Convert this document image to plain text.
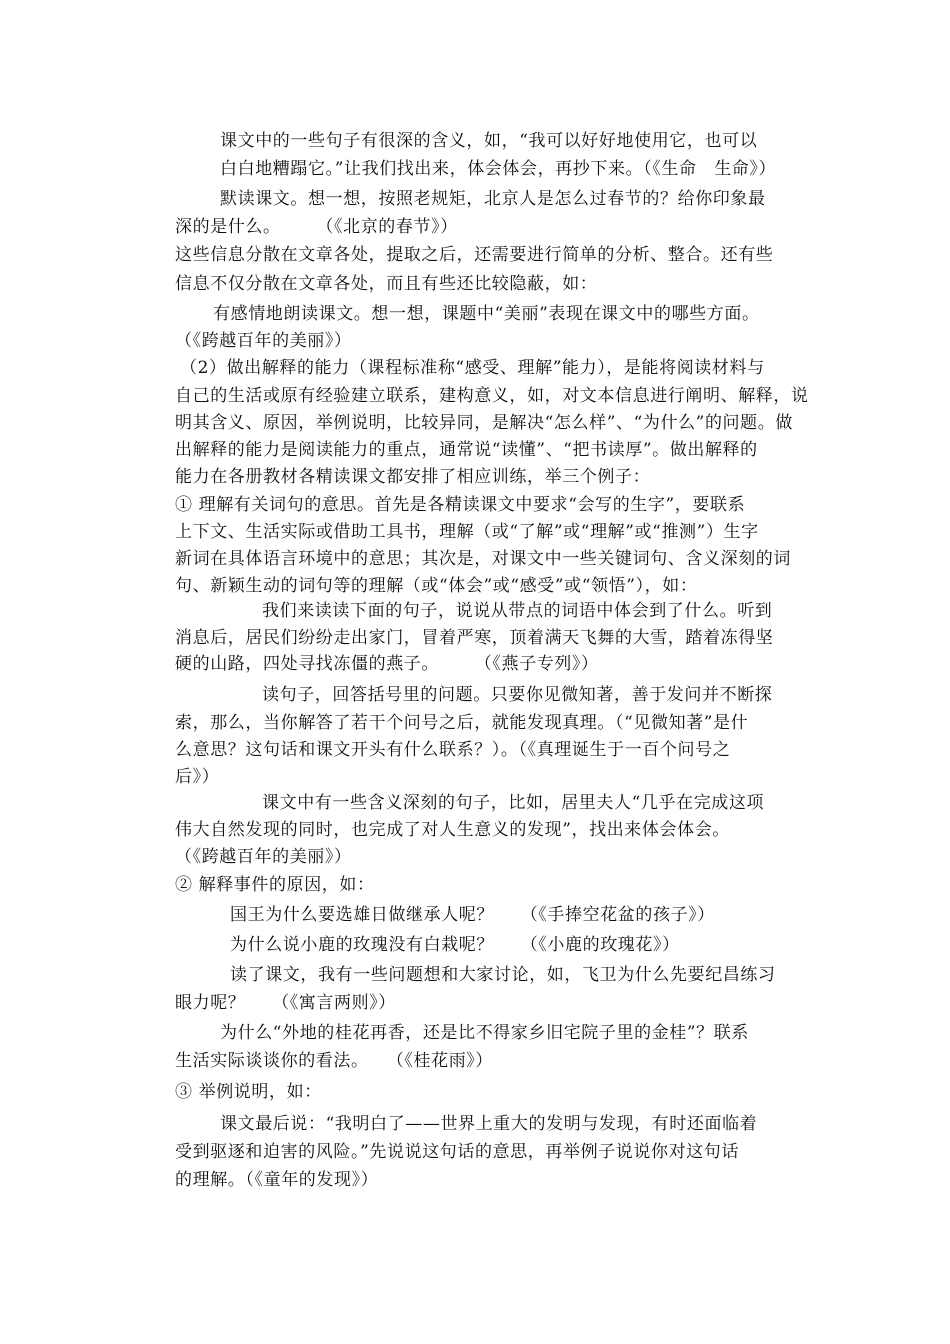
课文中的一些句子有很深的含义，如，“我可以好好地使用它，也可以
白白地糟蹋它。”让我们找出来，体会体会，再抄下来。（《生命　生命》）
默读课文。想一想，按照老规矩，北京人是怎么过春节的？给你印象最
深的是什么。　　　（《北京的春节》）
这些信息分散在文章各处，提取之后，还需要进行简单的分析、整合。还有些
信息不仅分散在文章各处，而且有些还比较隐蔽，如：
有感情地朗读课文。想一想，课题中“美丽”表现在课文中的哪些方面。
（《跨越百年的美丽》）
（2）做出解释的能力（课程标准称“感受、理解”能力），是能将阅读材料与
自己的生活或原有经验建立联系，建构意义，如，对文本信息进行阐明、解释，说
明其含义、原因，举例说明，比较异同，是解决“怎么样”、“为什么”的问题。做
出解释的能力是阅读能力的重点，通常说“读懂”、“把书读厚”。做出解释的
能力在各册教材各精读课文都安排了相应训练，举三个例子：
① 理解有关词句的意思。首先是各精读课文中要求“会写的生字”，要联系
上下文、生活实际或借助工具书，理解（或“了解”或“理解”或“推测”）生字
新词在具体语言环境中的意思；其次是，对课文中一些关键词句、含义深刻的词
句、新颖生动的词句等的理解（或“体会”或“感受”或“领悟”），如：
我们来读读下面的句子，说说从带点的词语中体会到了什么。听到
消息后，居民们纷纷走出家门，冒着严寒，顶着满天飞舞的大雪，踏着冻得坚
硬的山路，四处寻找冻僵的燕子。　　　（《燕子专列》）
读句子，回答括号里的问题。只要你见微知著，善于发问并不断探
索，那么，当你解答了若干个问号之后，就能发现真理。（“见微知著”是什
么意思？这句话和课文开头有什么联系？）。（《真理诞生于一百个问号之
后》）
课文中有一些含义深刻的句子，比如，居里夫人“几乎在完成这项
伟大自然发现的同时，也完成了对人生意义的发现”，找出来体会体会。
（《跨越百年的美丽》）
② 解释事件的原因，如：
国王为什么要选雄日做继承人呢？　　（《手捧空花盆的孩子》）
为什么说小鹿的玫瑰没有白栽呢？　　（《小鹿的玫瑰花》）
读了课文，我有一些问题想和大家讨论，如，飞卫为什么先要纪昌练习
眼力呢？　　（《寓言两则》）
为什么“外地的桂花再香，还是比不得家乡旧宅院子里的金桂”？联系
生活实际谈谈你的看法。　　（《桂花雨》）
③ 举例说明，如：
课文最后说：“我明白了——世界上重大的发明与发现，有时还面临着
受到驱逐和迫害的风险。”先说说这句话的意思，再举例子说说你对这句话
的理解。（《童年的发现》）
